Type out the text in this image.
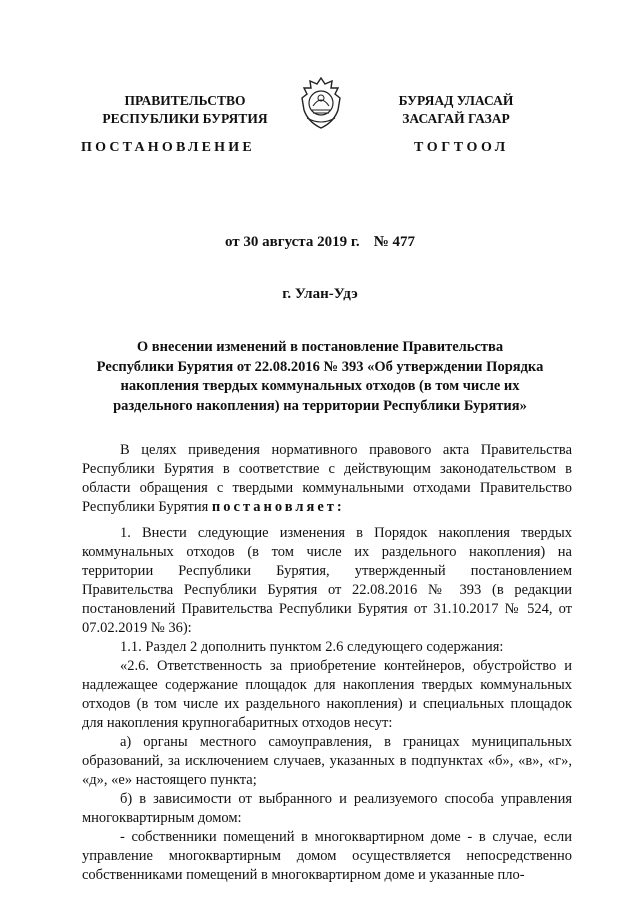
ПРАВИТЕЛЬСТВО
РЕСПУБЛИКИ БУРЯТИЯ
БУРЯАД УЛАСАЙ
ЗАСАГАЙ ГАЗАР
ПОСТАНОВЛЕНИЕ	ТОГТООЛ
от 30 августа 2019 г. № 477
г. Улан-Удэ
О внесении изменений в постановление Правительства
Республики Бурятия от 22.08.2016 № 393 «Об утверждении Порядка
накопления твердых коммунальных отходов (в том числе их
раздельного накопления) на территории Республики Бурятия»

В целях приведения нормативного правового акта Правительства Республики Бурятия в соответствие с действующим законодательством в области обращения с твердыми коммунальными отходами Правительство Республики Бурятия постановляет:

1. Внести следующие изменения в Порядок накопления твердых коммунальных отходов (в том числе их раздельного накопления) на территории Республики Бурятия, утвержденный постановлением Правительства Республики Бурятия от 22.08.2016 № 393 (в редакции постановлений Правительства Республики Бурятия от 31.10.2017 № 524, от 07.02.2019 № 36):

1.1. Раздел 2 дополнить пунктом 2.6 следующего содержания:

«2.6. Ответственность за приобретение контейнеров, обустройство и надлежащее содержание площадок для накопления твердых коммунальных отходов (в том числе их раздельного накопления) и специальных площадок для накопления крупногабаритных отходов несут:

а) органы местного самоуправления, в границах муниципальных образований, за исключением случаев, указанных в подпунктах «б», «в», «г», «д», «е» настоящего пункта;

б) в зависимости от выбранного и реализуемого способа управления многоквартирным домом:

- собственники помещений в многоквартирном доме - в случае, если управление многоквартирным домом осуществляется непосредственно собственниками помещений в многоквартирном доме и указанные пло-
